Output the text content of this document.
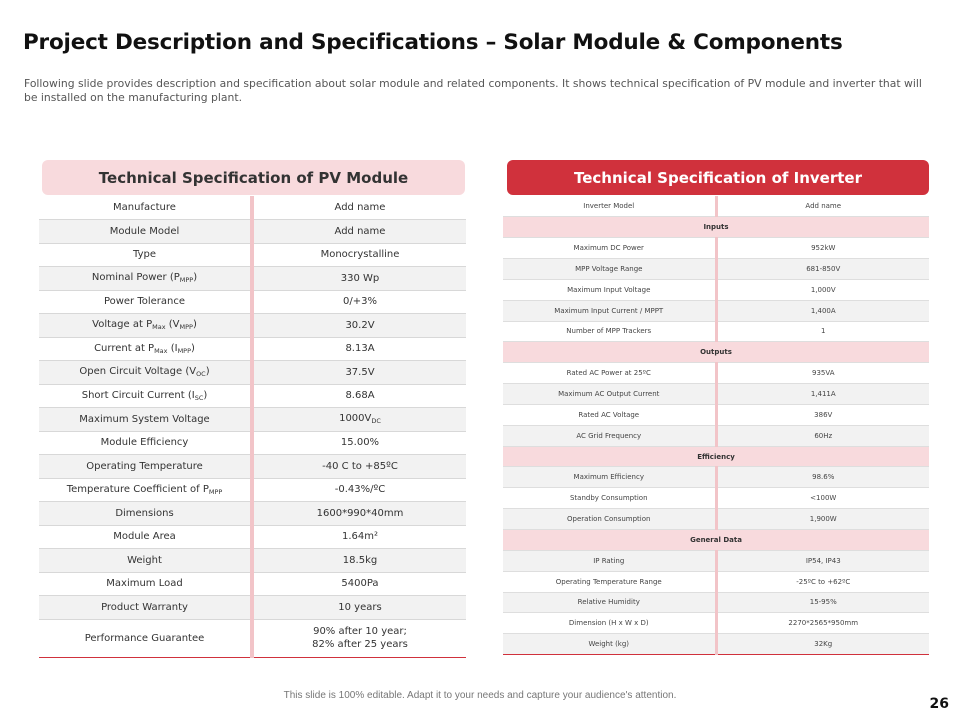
Project Description and Specifications – Solar Module & Components
Following slide provides description and specification about solar module and related components. It shows technical specification of PV module and inverter that will be installed on the manufacturing plant.
Technical Specification of PV Module	Technical Specification of Inverter
Manufacture	Add name
Module Model	Add name
Type	Monocrystalline
Nominal Power $(P_{MPP})$	330 Wp
Power Tolerance	0/+3%
Voltage at $P_{Max}$ $(V_{MPP})$	30.2V
Current at $P_{Max}$ $(I_{MPP})$	8.13A
Open Circuit Voltage $(V_{OC})$	37.5V
Short Circuit Current $(I_{SC})$	8.68A
Maximum System Voltage	$1000V_{DC}$
Module Efficiency	15.00%
Operating Temperature	-40 C to +85ºC
Temperature Coefficient of $P_{MPP}$	-0.43%/ºC
Dimensions	1600*990*40mm
Module Area	1.64m²
Weight	18.5kg
Maximum Load	5400Pa
Product Warranty	10 years
Performance Guarantee	90% after 10 year;
82% after 25 years
Inverter Model	Add name
Inputs	
Maximum DC Power	952kW
MPP Voltage Range	681-850V
Maximum Input Voltage	1,000V
Maximum Input Current / MPPT	1,400A
Number of MPP Trackers	1
Outputs	
Rated AC Power at 25ºC	935VA
Maximum AC Output Current	1,411A
Rated AC Voltage	386V
AC Grid Frequency	60Hz
Efficiency	
Maximum Efficiency	98.6%
Standby Consumption	<100W
Operation Consumption	1,900W
General Data	
IP Rating	IP54, IP43
Operating Temperature Range	-25ºC to +62ºC
Relative Humidity	15-95%
Dimension (H x W x D)	2270*2565*950mm
Weight (kg)	32Kg
This slide is 100% editable. Adapt it to your needs and capture your audience's attention.
26
